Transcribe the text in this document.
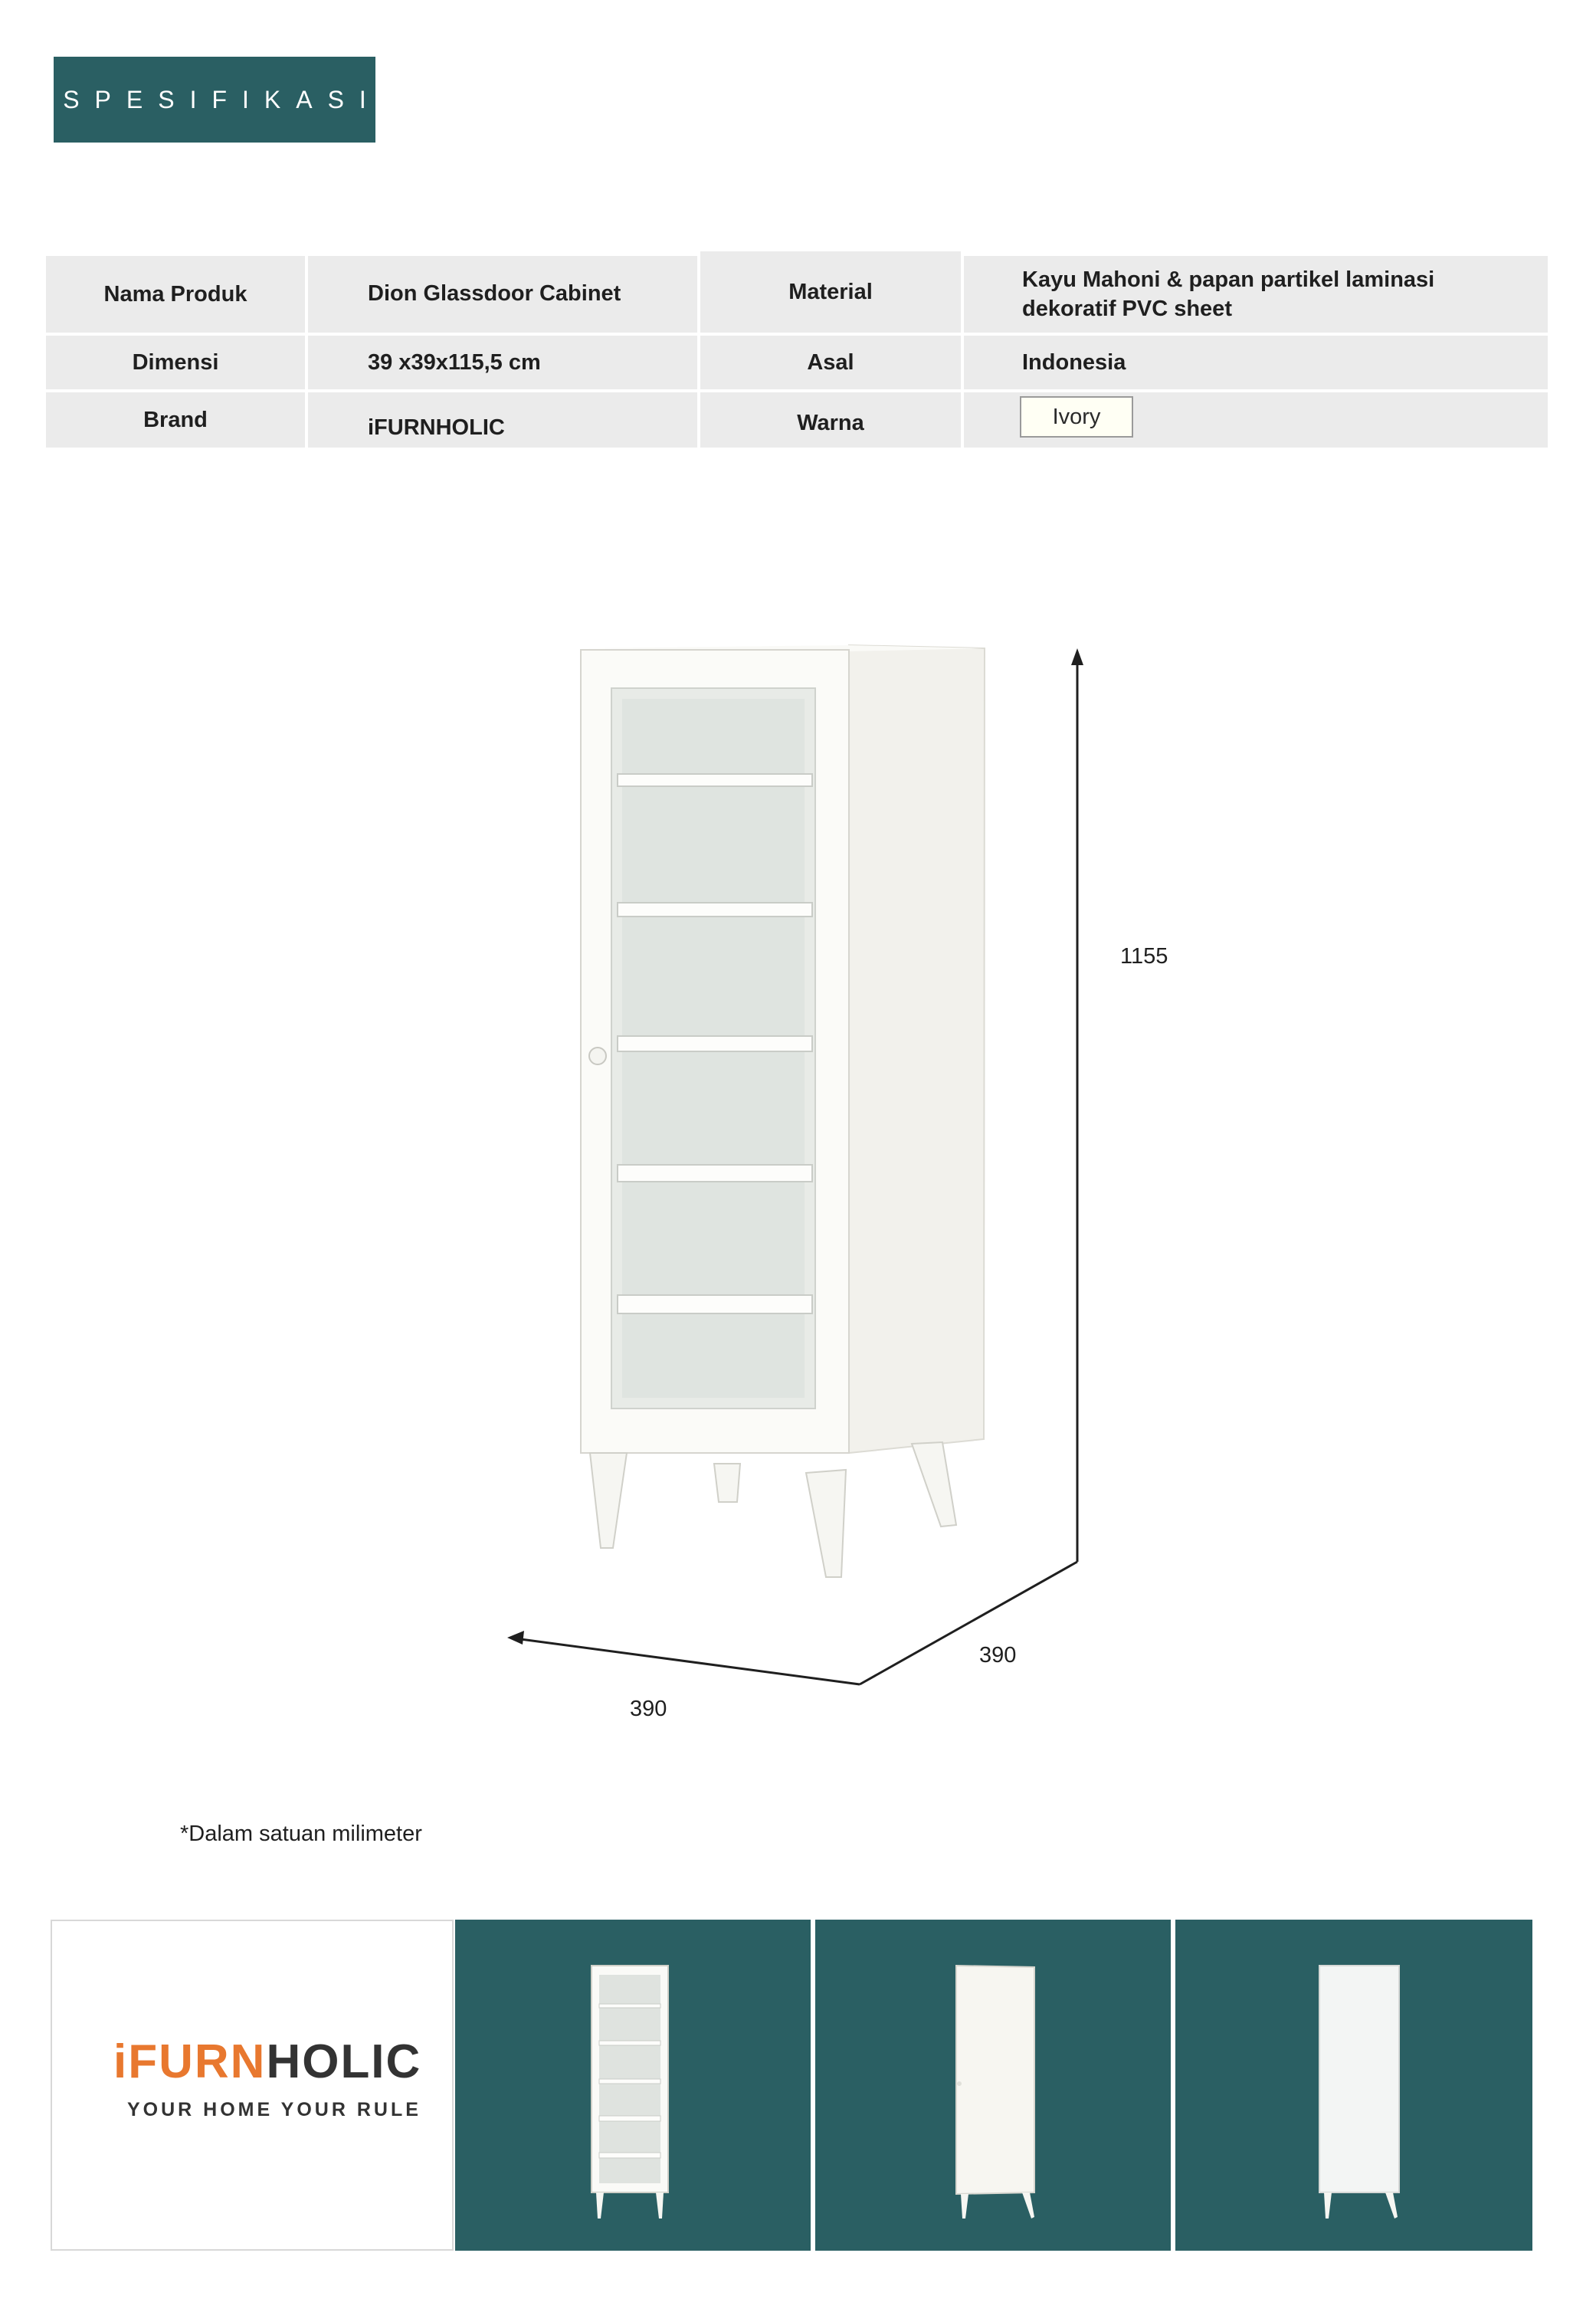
SPESIFIKASI
Nama Produk	Dion Glassdoor Cabinet	Material	Kayu Mahoni & papan partikel laminasi
dekoratif PVC sheet
Dimensi	39 x39x115,5 cm	Asal	Indonesia
Brand	iFURNHOLIC	Warna	Ivory
1155
390
390
*Dalam satuan milimeter
iFURNHOLIC
YOUR HOME YOUR RULE
